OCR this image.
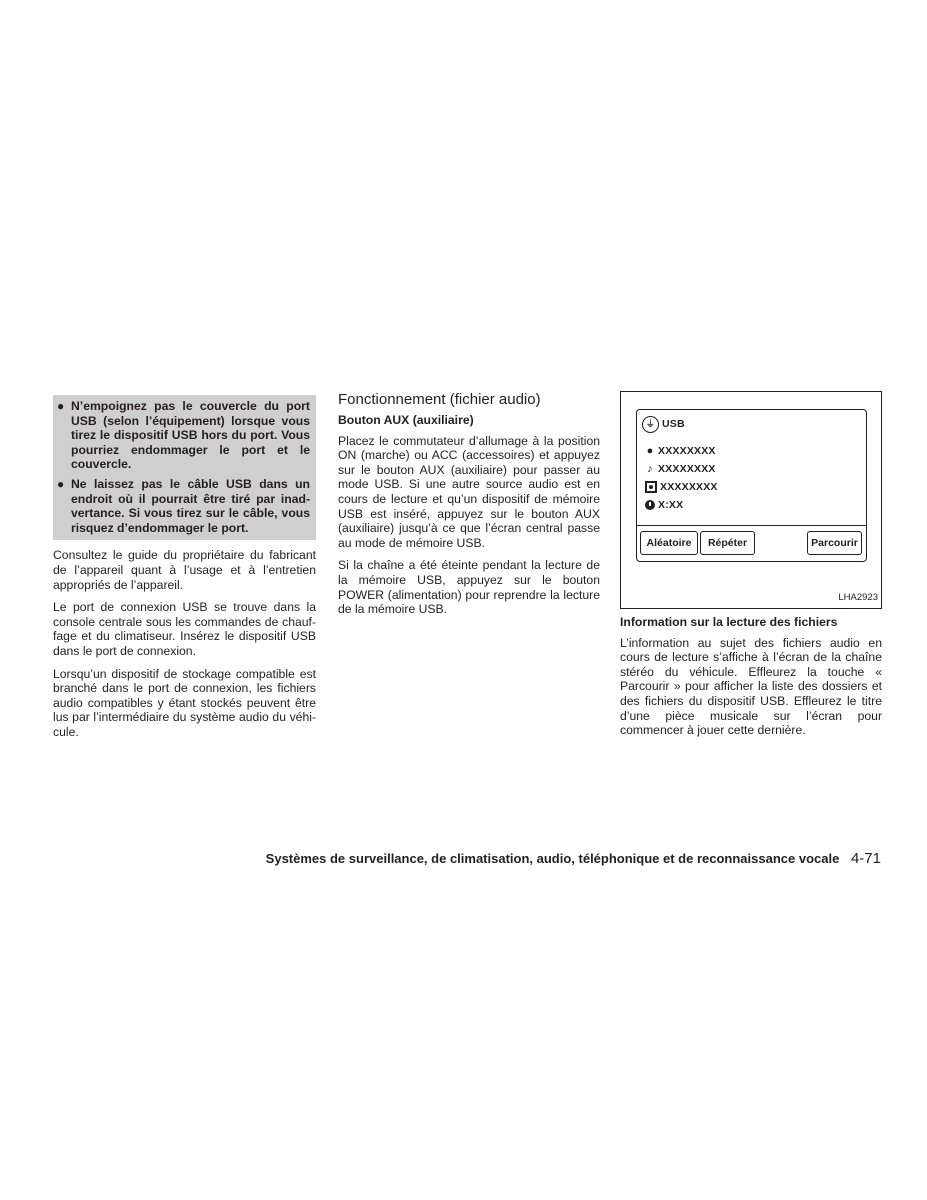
● N’empoignez pas le couvercle du port USB (selon l’équipement) lorsque vous tirez le dispositif USB hors du port. Vous pourriez endommager le port et le couvercle.
● Ne laissez pas le câble USB dans un endroit où il pourrait être tiré par inadvertance. Si vous tirez sur le câble, vous risquez d’endommager le port.

Consultez le guide du propriétaire du fabricant de l’appareil quant à l’usage et à l’entretien appropriés de l’appareil.

Le port de connexion USB se trouve dans la console centrale sous les commandes de chauffage et du climatiseur. Insérez le dispositif USB dans le port de connexion.

Lorsqu’un dispositif de stockage compatible est branché dans le port de connexion, les fichiers audio compatibles y étant stockés peuvent être lus par l’intermédiaire du système audio du véhicule.

Fonctionnement (fichier audio)
Bouton AUX (auxiliaire)

Placez le commutateur d’allumage à la position ON (marche) ou ACC (accessoires) et appuyez sur le bouton AUX (auxiliaire) pour passer au mode USB. Si une autre source audio est en cours de lecture et qu’un dispositif de mémoire USB est inséré, appuyez sur le bouton AUX (auxiliaire) jusqu’à ce que l’écran central passe au mode de mémoire USB.

Si la chaîne a été éteinte pendant la lecture de la mémoire USB, appuyez sur le bouton POWER (alimentation) pour reprendre la lecture de la mémoire USB.

⏚ USB
● XXXXXXXX
♪ XXXXXXXX
XXXXXXXX
X:XX
Aléatoire	Répéter	Parcourir
LHA2923
Information sur la lecture des fichiers

L’information au sujet des fichiers audio en cours de lecture s’affiche à l’écran de la chaîne stéréo du véhicule. Effleurez la touche « Parcourir » pour afficher la liste des dossiers et des fichiers du dispositif USB. Effleurez le titre d’une pièce musicale sur l’écran pour commencer à jouer cette dernière.

Systèmes de surveillance, de climatisation, audio, téléphonique et de reconnaissance vocale 4-71
